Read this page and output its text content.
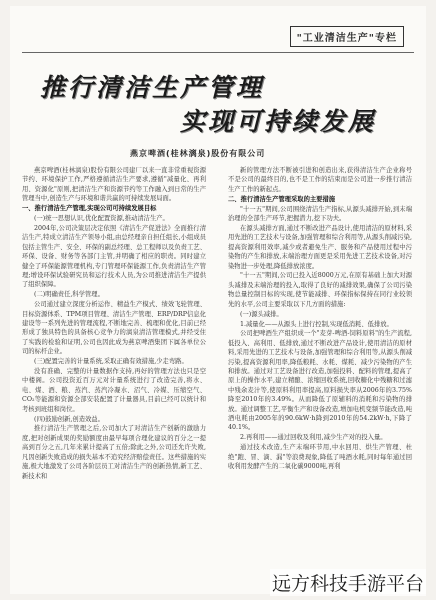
"工业清洁生产"专栏
推行清洁生产管理
实现可持续发展
燕京啤酒(桂林漓泉)股份有限公司

燕京啤酒(桂林漓泉)股份有限公司建厂以来一直非常重视资源节约、环境保护工作,严格遵循清洁生产要求,遵循"减量化、再利用、资源化"原则,把清洁生产和资源节约等工作融入到日常的生产管理当中,创造生产与环境和谐共赢的可持续发展局面。

一、推行清洁生产管理,实现公司可持续发展目标

(一)统一思想认识,优化配置资源,推动清洁生产。

2004年,公司决策层决定依照《清洁生产促进法》全面推行清洁生产,特成立清洁生产领导小组,由总经理亲自担任组长,小组成员包括主管生产、安全、环保的副总经理、总工程师以及负责工艺、环保、设备、财务等各部门主管,并明确了相应的职责。同时建立健全了环保能源管理机构,专门管理环保能源工作,负责清洁生产管理;增设环保试验研究员和运行技术人员,为公司推进清洁生产提供了组织保障。

(二)明确责任,科学管理。

公司通过建立深度分析运作、精益生产模式、绩效飞轮管理、目标资源体系、TPM项目管理、清洁生产管理、ERP/DRP信息化建设等一系列先进的管理流程,不断地完善、梳理和优化,目前已经形成了独具特色的具备核心竞争力的漓泉清洁管理模式,并经受住了实践的检验和证明,公司也因此成为燕京啤酒集团下属各单位公司的标杆企业。

(三)配置完善的计量系统,采取正确有效措施,少走弯路。

没有准确、完整的计量数据作支持,再好的管理方法也只是空中楼阁。公司投资近百万元对计量系统进行了改造完善,将水、电、煤、酒、粮、蒸汽、蒸汽冷凝水、沼气、冷媒、压缩空气、CO₂等能源和资源全部安装配置了计量器具,目前已经可以统计和考核到班组和岗位。

(四)鼓励创新,创造效益。

推行清洁生产管理之后,公司加大了对清洁生产创新的激励力度,把对创新成果的奖励额度由最早每项合理化建议的百分之一提高到百分之五,几年来累计提高了五倍;除此之外,公司还允许失败,凡因创新失败造成的损失基本不追究经济赔偿责任。这些措施的实施,极大地激发了公司各阶层员工对清洁生产的创新热情,新工艺、新技术和

新的管理方法不断被引进和创造出来,获得清洁生产企业称号不是公司的最终目的,也不是工作的结束而是公司进一步推行清洁生产工作的新起点。

二、推行清洁生产管理采取的主要措施

"十一五"期间,公司围绕清洁生产指标,从源头减排开始,到末端治理的全部生产环节,把握潜力,挖下功夫。

在源头减排方面,通过不断改进产品设计,使用清洁的原材料,采用先进的工艺技术与设备,加强管理和综合利用等,从源头削减污染,提高资源利用效率,减少或者避免生产、服务和产品使用过程中污染物的产生和排放,末端治理方面更是采用先进工艺技术设备,对污染物进一步处理,降低排放浓度。

"十一五"期间,公司已投入近8000万元,在原有基础上加大对源头减排及末端治理的投入,取得了良好的减排效果,确保了公司污染物总量控制目标的实现,使节能减排、环保指标保持在同行业较领先的水平,公司主要采取以下几方面的措施:

(一)源头减排。

1.减量化——从源头上进行控制,实现低消耗、低排放。

公司把啤酒生产组织成一个"麦芽-啤酒-饲料原料"的生产流程,低投入、高利用、低排放,通过不断改进产品设计,使用清洁的原材料,采用先进的工艺技术与设备,加强管理和综合利用等,从源头削减污染,提高资源利用率,降低粮耗、水耗、煤耗、减少污染物的产生和排放。通过对工艺设备进行改造,加强投料、配料的管理,提高了原上的操作水平,建立精酿、浓缩回收系统,回收糖化中残糖和过滤中残余麦汁等,使原料利用率提高,原料损失率从2006年的3.75%降至2010年的3.49%。从而降低了原辅料的消耗和污染物的排放。通过调整工艺,平衡生产和设备改造,增加电机变频节能改造,吨酒电耗由2005年的90.6kW·h降到2010年的54.2kW·h,下降了40.1%。

2.再利用——通过回收及利用,减少生产对的投入量。

通过技术改造,生产末端环节用,中水回用、烘生产管理、杜绝"跑、冒、滴、漏"等浪费现象,降低了吨酒水耗,同时每年通过回收利用发酵产生的二氧化碳9000吨,再利

远方科技手游平台
